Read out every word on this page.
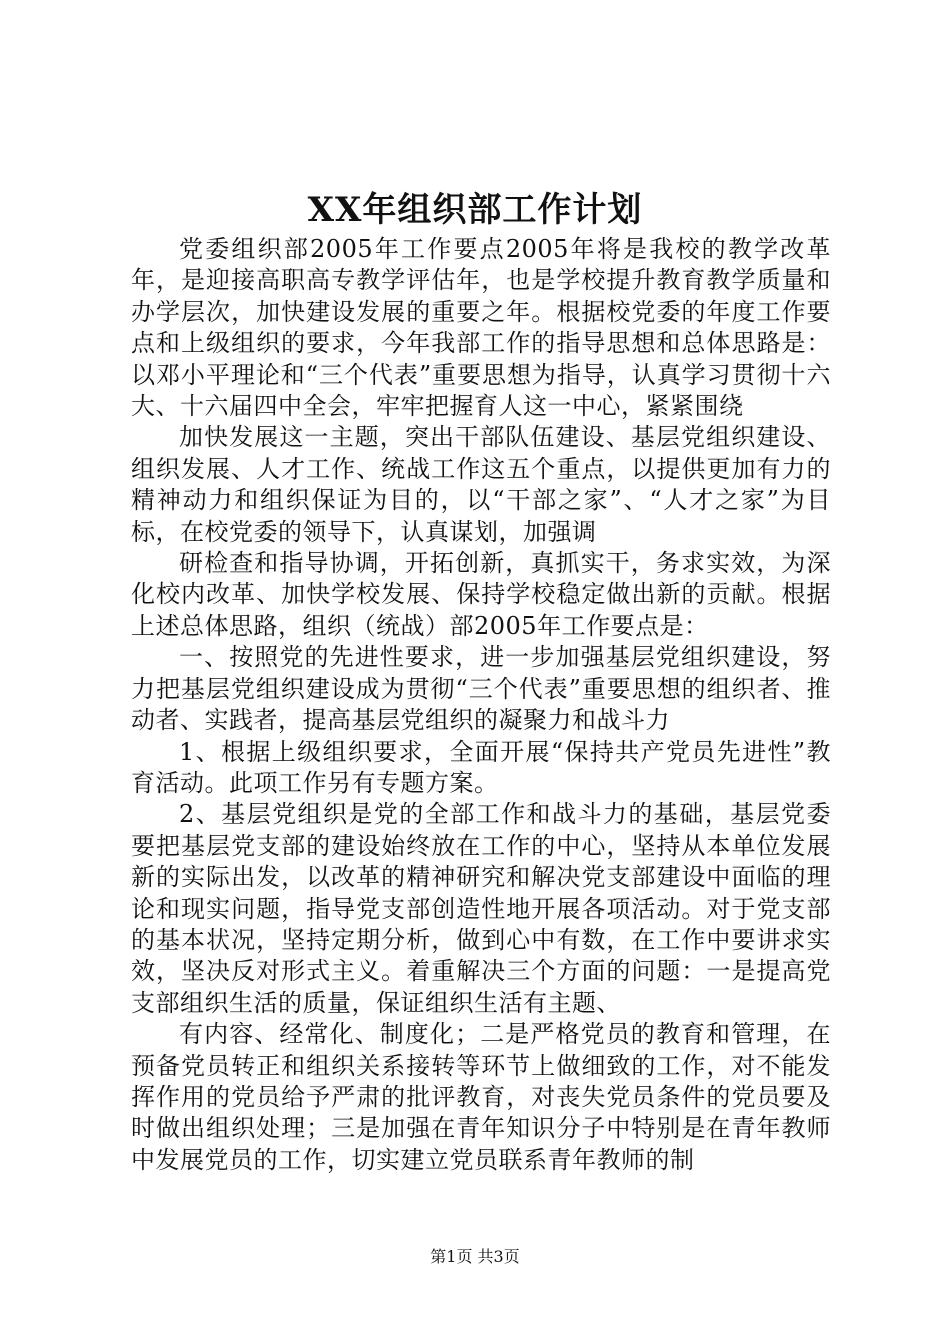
XX年组织部工作计划

党委组织部2005年工作要点2005年将是我校的教学改革年，是迎接高职高专教学评估年，也是学校提升教育教学质量和办学层次，加快建设发展的重要之年。根据校党委的年度工作要点和上级组织的要求，今年我部工作的指导思想和总体思路是：以邓小平理论和“三个代表”重要思想为指导，认真学习贯彻十六大、十六届四中全会，牢牢把握育人这一中心，紧紧围绕

加快发展这一主题，突出干部队伍建设、基层党组织建设、组织发展、人才工作、统战工作这五个重点，以提供更加有力的精神动力和组织保证为目的，以“干部之家”、“人才之家”为目标，在校党委的领导下，认真谋划，加强调

研检查和指导协调，开拓创新，真抓实干，务求实效，为深化校内改革、加快学校发展、保持学校稳定做出新的贡献。根据上述总体思路，组织（统战）部2005年工作要点是：

一、按照党的先进性要求，进一步加强基层党组织建设，努力把基层党组织建设成为贯彻“三个代表”重要思想的组织者、推动者、实践者，提高基层党组织的凝聚力和战斗力

1、根据上级组织要求，全面开展“保持共产党员先进性”教育活动。此项工作另有专题方案。

2、基层党组织是党的全部工作和战斗力的基础，基层党委要把基层党支部的建设始终放在工作的中心，坚持从本单位发展新的实际出发，以改革的精神研究和解决党支部建设中面临的理论和现实问题，指导党支部创造性地开展各项活动。对于党支部的基本状况，坚持定期分析，做到心中有数，在工作中要讲求实效，坚决反对形式主义。着重解决三个方面的问题：一是提高党支部组织生活的质量，保证组织生活有主题、

有内容、经常化、制度化；二是严格党员的教育和管理，在预备党员转正和组织关系接转等环节上做细致的工作，对不能发挥作用的党员给予严肃的批评教育，对丧失党员条件的党员要及时做出组织处理；三是加强在青年知识分子中特别是在青年教师中发展党员的工作，切实建立党员联系青年教师的制

第1页 共3页
